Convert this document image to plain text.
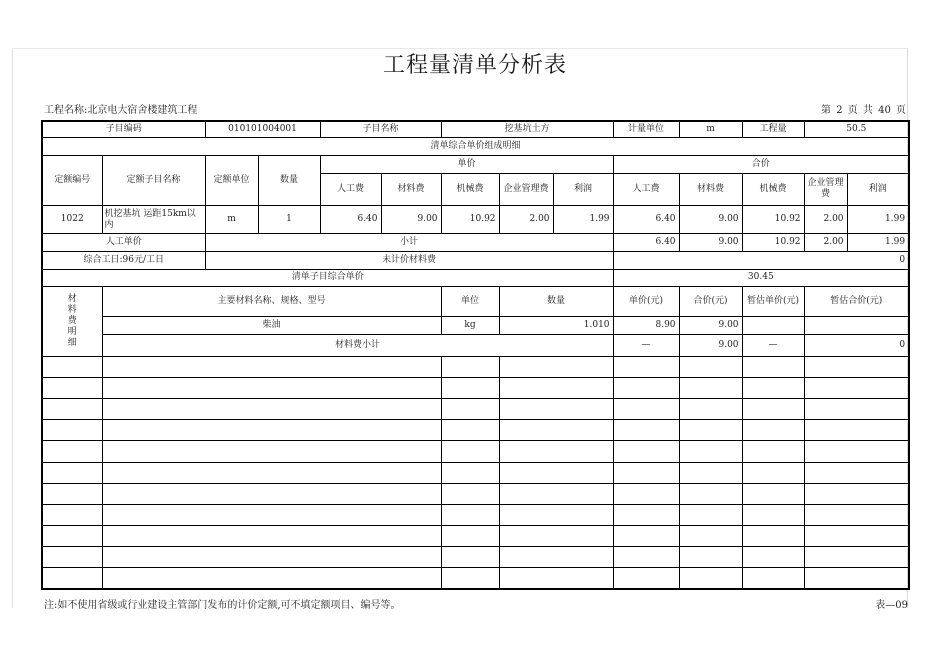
工程量清单分析表
工程名称:北京电大宿舍楼建筑工程	第 2 页 共 40 页
子目编码		010101004001		子目名称		挖基坑土方			计量单位	m	工程量	50.5	
清单综合单价组成明细													
定额编号	定额子目名称	定额单位	数量	单价					合价				
				人工费	材料费	机械费	企业管理费	利润	人工费	材料费	机械费	企业管理费	利润
1022	机挖基坑 运距15km以内	m	1	6.40	9.00	10.92	2.00	1.99	6.40	9.00	10.92	2.00	1.99
人工单价		小计							6.40	9.00	10.92	2.00	1.99
综合工日:96元/工日		未计价材料费							0				
清单子目综合单价									30.45				
材
料
费
明
细	主要材料名称、规格、型号					单位	数量		单价(元)	合价(元)	暂估单价(元)	暂估合价(元)	
	柴油					kg	1.010		8.90	9.00			
	材料费小计								—	9.00	—	0	

注:如不使用省级或行业建设主管部门发布的计价定额,可不填定额项目、编号等。	表—09
